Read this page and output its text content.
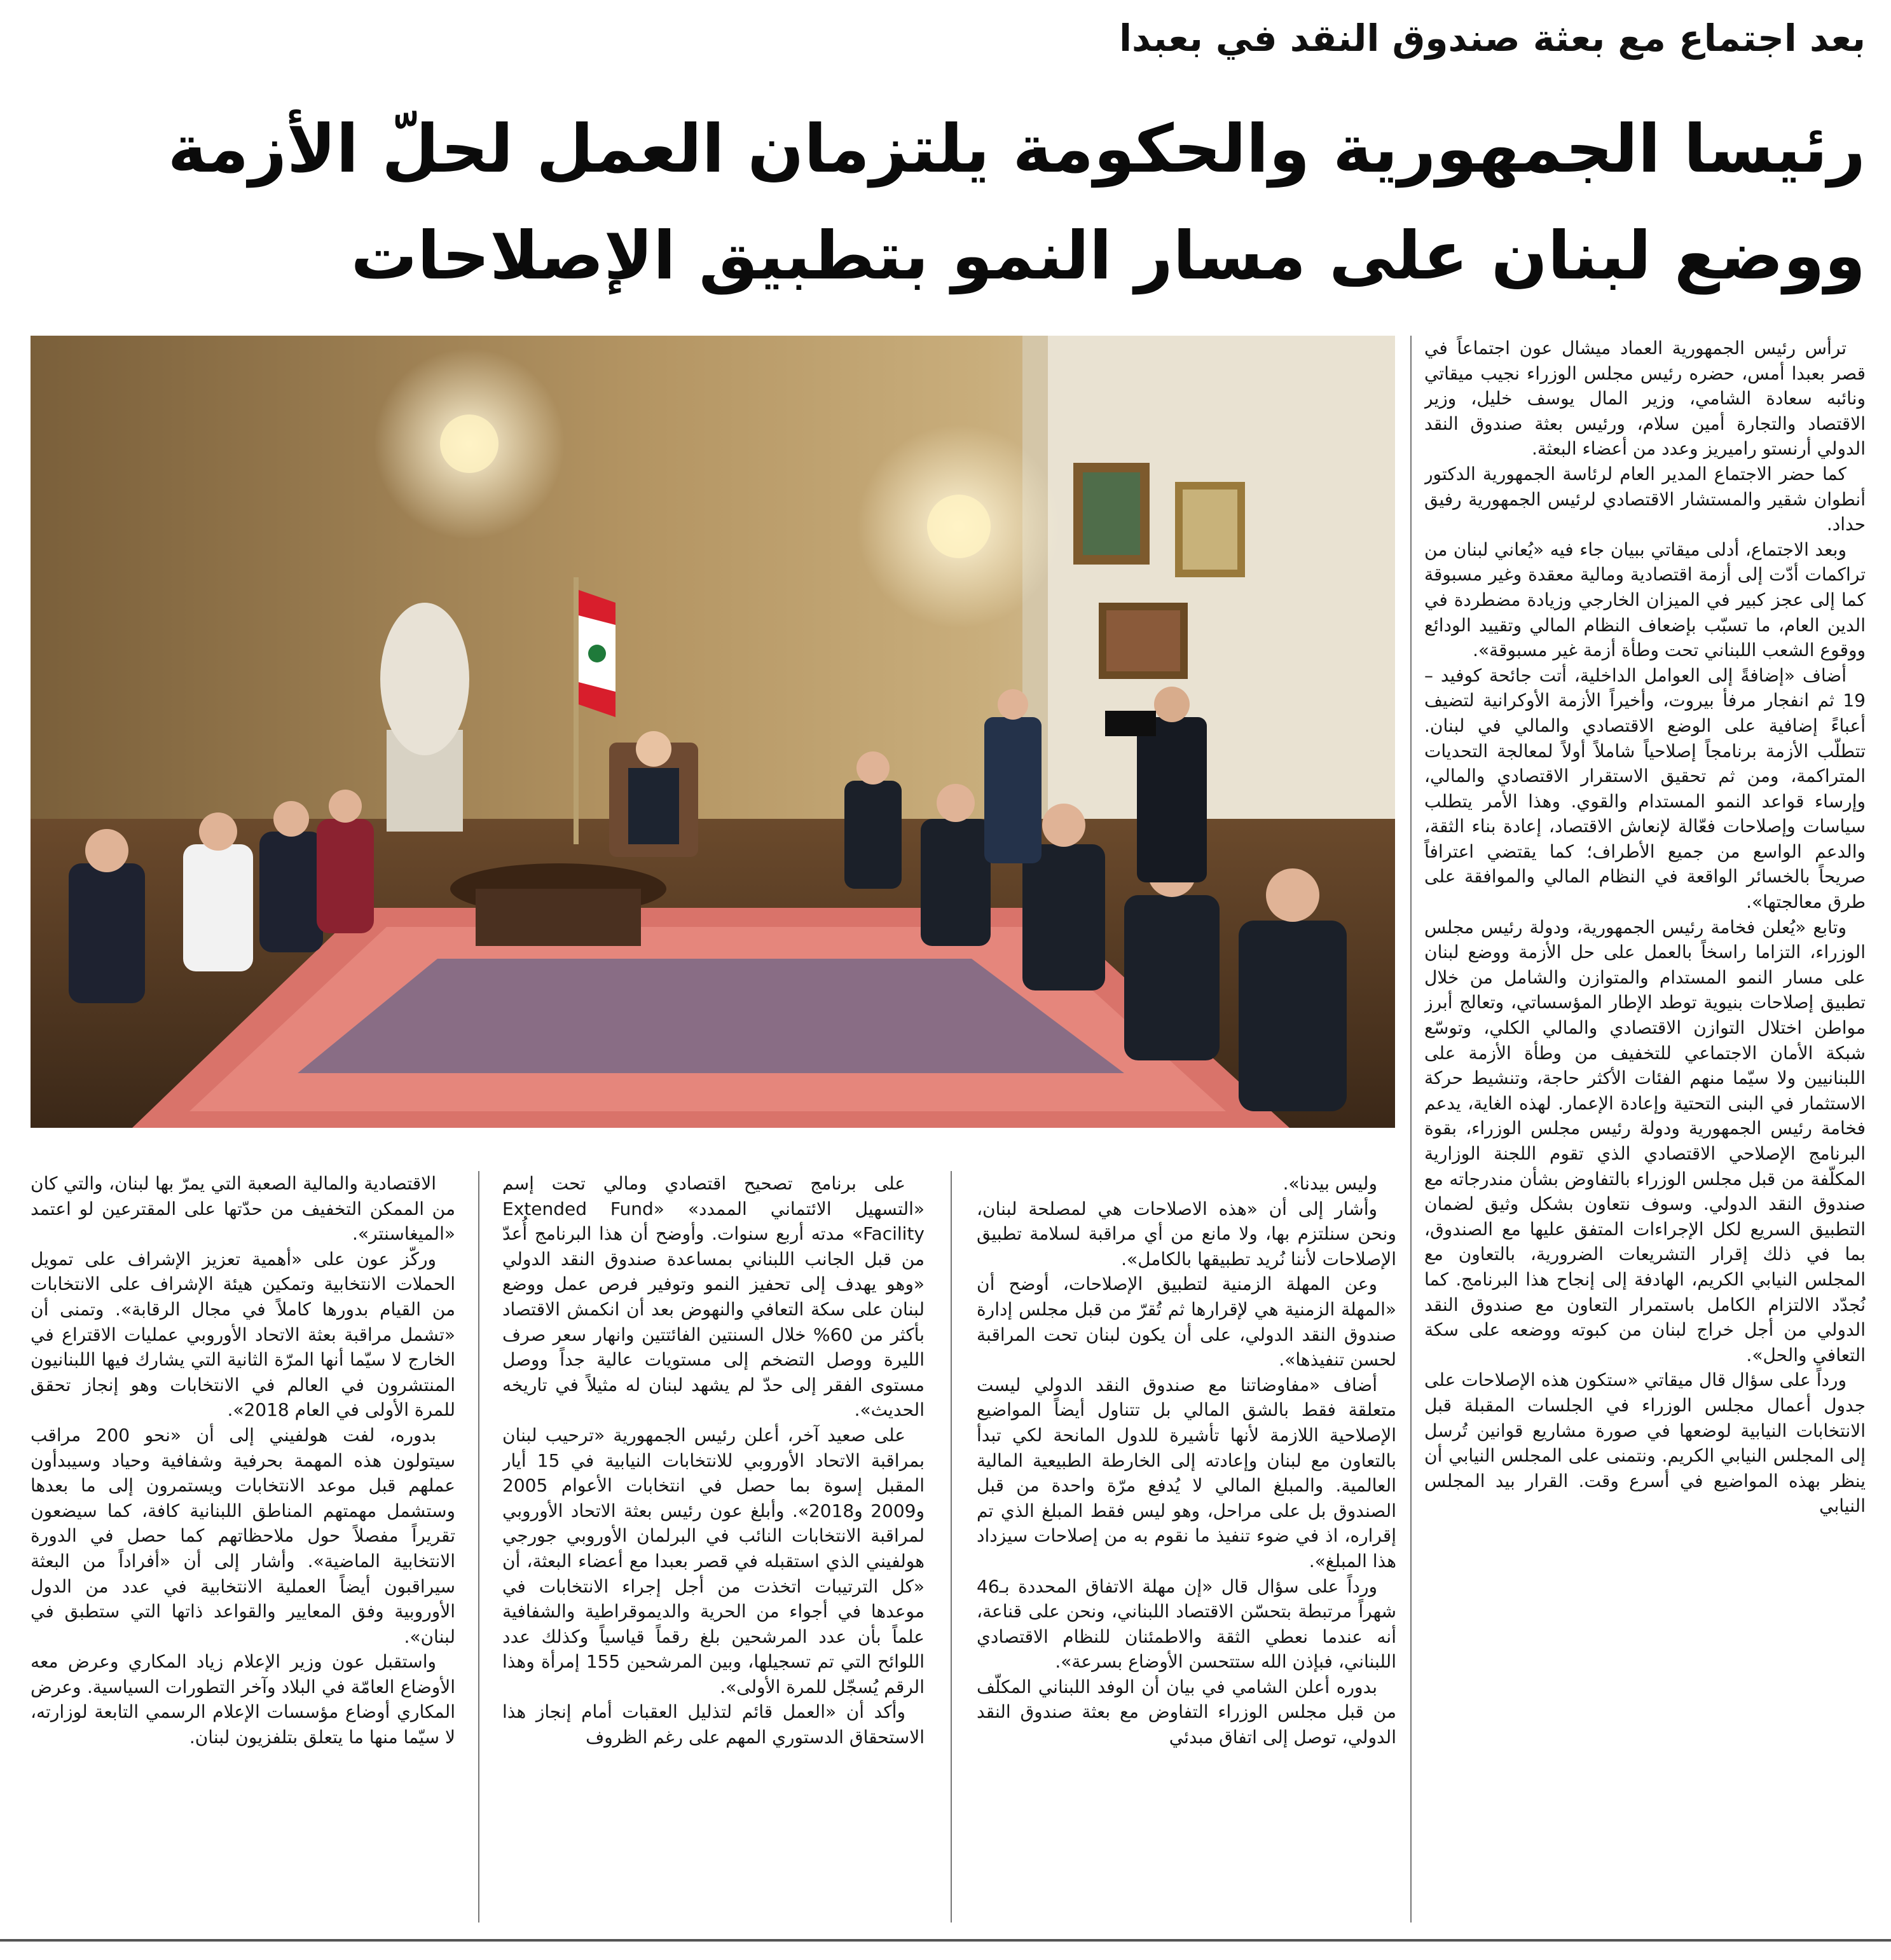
بعد اجتماع مع بعثة صندوق النقد في بعبدا
رئيسا الجمهورية والحكومة يلتزمان العمل لحلّ الأزمة
ووضع لبنان على مسار النمو بتطبيق الإصلاحات

ترأس رئيس الجمهورية العماد ميشال عون اجتماعاً في قصر بعبدا أمس، حضره رئيس مجلس الوزراء نجيب ميقاتي ونائبه سعادة الشامي، وزير المال يوسف خليل، وزير الاقتصاد والتجارة أمين سلام، ورئيس بعثة صندوق النقد الدولي أرنستو راميريز وعدد من أعضاء البعثة.

كما حضر الاجتماع المدير العام لرئاسة الجمهورية الدكتور أنطوان شقير والمستشار الاقتصادي لرئيس الجمهورية رفيق حداد.

وبعد الاجتماع، أدلى ميقاتي ببيان جاء فيه «يُعاني لبنان من تراكمات أدّت إلى أزمة اقتصادية ومالية معقدة وغير مسبوقة كما إلى عجز كبير في الميزان الخارجي وزيادة مضطردة في الدين العام، ما تسبّب بإضعاف النظام المالي وتقييد الودائع ووقوع الشعب اللبناني تحت وطأة أزمة غير مسبوقة».

أضاف «إضافةً إلى العوامل الداخلية، أتت جائحة كوفيد – 19 ثم انفجار مرفأ بيروت، وأخيراً الأزمة الأوكرانية لتضيف أعباءً إضافية على الوضع الاقتصادي والمالي في لبنان. تتطلّب الأزمة برنامجاً إصلاحياً شاملاً أولاً لمعالجة التحديات المتراكمة، ومن ثم تحقيق الاستقرار الاقتصادي والمالي، وإرساء قواعد النمو المستدام والقوي. وهذا الأمر يتطلب سياسات وإصلاحات فعّالة لإنعاش الاقتصاد، إعادة بناء الثقة، والدعم الواسع من جميع الأطراف؛ كما يقتضي اعترافاً صريحاً بالخسائر الواقعة في النظام المالي والموافقة على طرق معالجتها».

وتابع «يُعلن فخامة رئيس الجمهورية، ودولة رئيس مجلس الوزراء، التزاما راسخاً بالعمل على حل الأزمة ووضع لبنان على مسار النمو المستدام والمتوازن والشامل من خلال تطبيق إصلاحات بنيوية توطد الإطار المؤسساتي، وتعالج أبرز مواطن اختلال التوازن الاقتصادي والمالي الكلي، وتوسّع شبكة الأمان الاجتماعي للتخفيف من وطأة الأزمة على اللبنانيين ولا سيّما منهم الفئات الأكثر حاجة، وتنشيط حركة الاستثمار في البنى التحتية وإعادة الإعمار. لهذه الغاية، يدعم فخامة رئيس الجمهورية ودولة رئيس مجلس الوزراء، بقوة البرنامج الإصلاحي الاقتصادي الذي تقوم اللجنة الوزارية المكلّفة من قبل مجلس الوزراء بالتفاوض بشأن مندرجاته مع صندوق النقد الدولي. وسوف نتعاون بشكل وثيق لضمان التطبيق السريع لكل الإجراءات المتفق عليها مع الصندوق، بما في ذلك إقرار التشريعات الضرورية، بالتعاون مع المجلس النيابي الكريم، الهادفة إلى إنجاح هذا البرنامج. كما نُجدّد الالتزام الكامل باستمرار التعاون مع صندوق النقد الدولي من أجل خراج لبنان من كبوته ووضعه على سكة التعافي والحل».

ورداً على سؤال قال ميقاتي «ستكون هذه الإصلاحات على جدول أعمال مجلس الوزراء في الجلسات المقبلة قبل الانتخابات النيابية لوضعها في صورة مشاريع قوانين تُرسل إلى المجلس النيابي الكريم. ونتمنى على المجلس النيابي أن ينظر بهذه المواضيع في أسرع وقت. القرار بيد المجلس النيابي

وليس بيدنا».

وأشار إلى أن «هذه الاصلاحات هي لمصلحة لبنان، ونحن سنلتزم بها، ولا مانع من أي مراقبة لسلامة تطبيق الإصلاحات لأننا نُريد تطبيقها بالكامل».

وعن المهلة الزمنية لتطبيق الإصلاحات، أوضح أن «المهلة الزمنية هي لإقرارها ثم تُقرّ من قبل مجلس إدارة صندوق النقد الدولي، على أن يكون لبنان تحت المراقبة لحسن تنفيذها».

أضاف «مفاوضاتنا مع صندوق النقد الدولي ليست متعلقة فقط بالشق المالي بل تتناول أيضاً المواضيع الإصلاحية اللازمة لأنها تأشيرة للدول المانحة لكي تبدأ بالتعاون مع لبنان وإعادته إلى الخارطة الطبيعية المالية العالمية. والمبلغ المالي لا يُدفع مرّة واحدة من قبل الصندوق بل على مراحل، وهو ليس فقط المبلغ الذي تم إقراره، اذ في ضوء تنفيذ ما نقوم به من إصلاحات سيزداد هذا المبلغ».

ورداً على سؤال قال «إن مهلة الاتفاق المحددة بـ46 شهراً مرتبطة بتحسّن الاقتصاد اللبناني، ونحن على قناعة، أنه عندما نعطي الثقة والاطمئنان للنظام الاقتصادي اللبناني، فبإذن الله ستتحسن الأوضاع بسرعة».

بدوره أعلن الشامي في بيان أن الوفد اللبناني المكلّف من قبل مجلس الوزراء التفاوض مع بعثة صندوق النقد الدولي، توصل إلى اتفاق مبدئي

على برنامج تصحيح اقتصادي ومالي تحت إسم «التسهيل الائتماني الممدد» «Extended Fund Facility» مدته أربع سنوات. وأوضح أن هذا البرنامج أُعدّ من قبل الجانب اللبناني بمساعدة صندوق النقد الدولي «وهو يهدف إلى تحفيز النمو وتوفير فرص عمل ووضع لبنان على سكة التعافي والنهوض بعد أن انكمش الاقتصاد بأكثر من 60% خلال السنتين الفائتتين وانهار سعر صرف الليرة ووصل التضخم إلى مستويات عالية جداً ووصل مستوى الفقر إلى حدّ لم يشهد لبنان له مثيلاً في تاريخه الحديث».

على صعيد آخر، أعلن رئيس الجمهورية «ترحيب لبنان بمراقبة الاتحاد الأوروبي للانتخابات النيابية في 15 أيار المقبل إسوة بما حصل في انتخابات الأعوام 2005 و2009 و2018». وأبلغ عون رئيس بعثة الاتحاد الأوروبي لمراقبة الانتخابات النائب في البرلمان الأوروبي جورجي هولفيني الذي استقبله في قصر بعبدا مع أعضاء البعثة، أن «كل الترتيبات اتخذت من أجل إجراء الانتخابات في موعدها في أجواء من الحرية والديموقراطية والشفافية علماً بأن عدد المرشحين بلغ رقماً قياسياً وكذلك عدد اللوائح التي تم تسجيلها، وبين المرشحين 155 إمرأة وهذا الرقم يُسجّل للمرة الأولى».

وأكد أن «العمل قائم لتذليل العقبات أمام إنجاز هذا الاستحقاق الدستوري المهم على رغم الظروف

الاقتصادية والمالية الصعبة التي يمرّ بها لبنان، والتي كان من الممكن التخفيف من حدّتها على المقترعين لو اعتمد «الميغاسنتر».

وركّز عون على «أهمية تعزيز الإشراف على تمويل الحملات الانتخابية وتمكين هيئة الإشراف على الانتخابات من القيام بدورها كاملاً في مجال الرقابة». وتمنى أن «تشمل مراقبة بعثة الاتحاد الأوروبي عمليات الاقتراع في الخارج لا سيّما أنها المرّة الثانية التي يشارك فيها اللبنانيون المنتشرون في العالم في الانتخابات وهو إنجاز تحقق للمرة الأولى في العام 2018».

بدوره، لفت هولفيني إلى أن «نحو 200 مراقب سيتولون هذه المهمة بحرفية وشفافية وحياد وسيبدأون عملهم قبل موعد الانتخابات ويستمرون إلى ما بعدها وستشمل مهمتهم المناطق اللبنانية كافة، كما سيضعون تقريراً مفصلاً حول ملاحظاتهم كما حصل في الدورة الانتخابية الماضية». وأشار إلى أن «أفراداً من البعثة سيراقبون أيضاً العملية الانتخابية في عدد من الدول الأوروبية وفق المعايير والقواعد ذاتها التي ستطبق في لبنان».

واستقبل عون وزير الإعلام زياد المكاري وعرض معه الأوضاع العامّة في البلاد وآخر التطورات السياسية. وعرض المكاري أوضاع مؤسسات الإعلام الرسمي التابعة لوزارته، لا سيّما منها ما يتعلق بتلفزيون لبنان.
